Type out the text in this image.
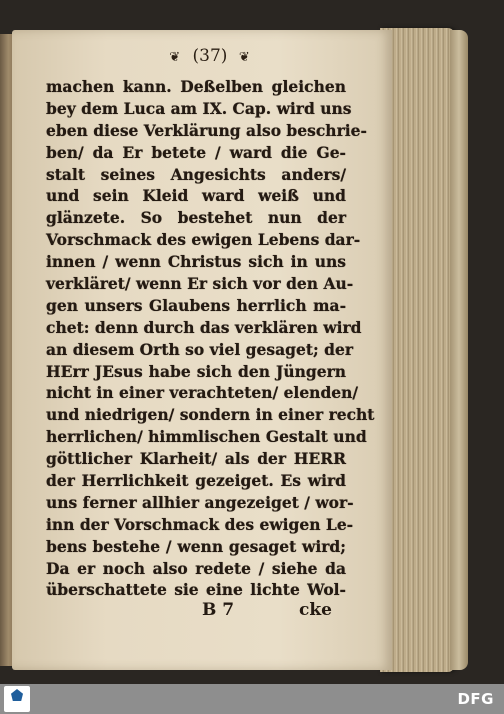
❦ (37) ❦
machen kann. Deßelben gleichen
bey dem Luca am IX. Cap. wird uns
eben diese Verklärung also beschrie-
ben/ da Er betete / ward die Ge-
stalt seines Angesichts anders/
und sein Kleid ward weiß und
glänzete. So bestehet nun der
Vorschmack des ewigen Lebens dar-
innen / wenn Christus sich in uns
verkläret/ wenn Er sich vor den Au-
gen unsers Glaubens herrlich ma-
chet: denn durch das verklären wird
an diesem Orth so viel gesaget; der
HErr JEsus habe sich den Jüngern
nicht in einer verachteten/ elenden/
und niedrigen/ sondern in einer recht
herrlichen/ himmlischen Gestalt und
göttlicher Klarheit/ als der HERR
der Herrlichkeit gezeiget. Es wird
uns ferner allhier angezeiget / wor-
inn der Vorschmack des ewigen Le-
bens bestehe / wenn gesaget wird;
Da er noch also redete / siehe da
überschattete sie eine lichte Wol-
B 7	cke
DFG
